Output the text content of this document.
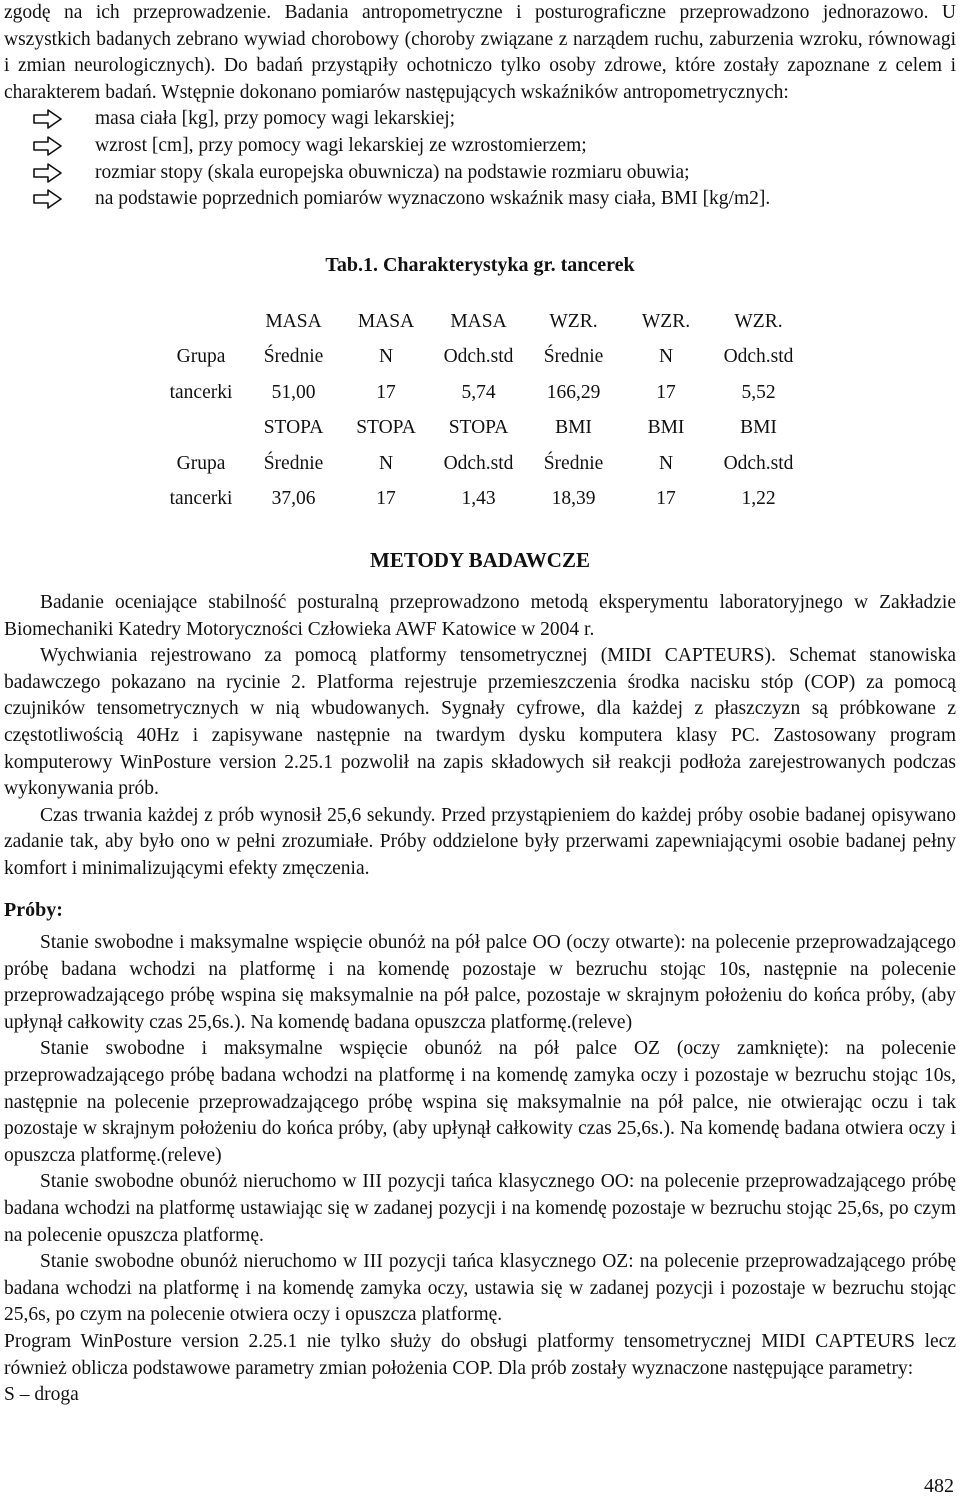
zgodę na ich przeprowadzenie. Badania antropometryczne i posturograficzne przeprowadzono jednorazowo. U wszystkich badanych zebrano wywiad chorobowy (choroby związane z narządem ruchu, zaburzenia wzroku, równowagi i zmian neurologicznych). Do badań przystąpiły ochotniczo tylko osoby zdrowe, które zostały zapoznane z celem i charakterem badań. Wstępnie dokonano pomiarów następujących wskaźników antropometrycznych:

masa ciała [kg], przy pomocy wagi lekarskiej;
wzrost [cm], przy pomocy wagi lekarskiej ze wzrostomierzem;
rozmiar stopy (skala europejska obuwnicza) na podstawie rozmiaru obuwia;
na podstawie poprzednich pomiarów wyznaczono wskaźnik masy ciała, BMI [kg/m2].
Tab.1. Charakterystyka gr. tancerek
	MASA	MASA	MASA	WZR.	WZR.	WZR.
Grupa	Średnie	N	Odch.std	Średnie	N	Odch.std
tancerki	51,00	17	5,74	166,29	17	5,52
	STOPA	STOPA	STOPA	BMI	BMI	BMI
Grupa	Średnie	N	Odch.std	Średnie	N	Odch.std
tancerki	37,06	17	1,43	18,39	17	1,22
METODY BADAWCZE

Badanie oceniające stabilność posturalną przeprowadzono metodą eksperymentu laboratoryjnego w Zakładzie Biomechaniki Katedry Motoryczności Człowieka AWF Katowice w 2004 r.

Wychwiania rejestrowano za pomocą platformy tensometrycznej (MIDI CAPTEURS). Schemat stanowiska badawczego pokazano na rycinie 2. Platforma rejestruje przemieszczenia środka nacisku stóp (COP) za pomocą czujników tensometrycznych w nią wbudowanych. Sygnały cyfrowe, dla każdej z płaszczyzn są próbkowane z częstotliwością 40Hz i zapisywane następnie na twardym dysku komputera klasy PC. Zastosowany program komputerowy WinPosture version 2.25.1 pozwolił na zapis składowych sił reakcji podłoża zarejestrowanych podczas wykonywania prób.

Czas trwania każdej z prób wynosił 25,6 sekundy. Przed przystąpieniem do każdej próby osobie badanej opisywano zadanie tak, aby było ono w pełni zrozumiałe. Próby oddzielone były przerwami zapewniającymi osobie badanej pełny komfort i minimalizującymi efekty zmęczenia.

Próby:

Stanie swobodne i maksymalne wspięcie obunóż na pół palce OO (oczy otwarte): na polecenie przeprowadzającego próbę badana wchodzi na platformę i na komendę pozostaje w bezruchu stojąc 10s, następnie na polecenie przeprowadzającego próbę wspina się maksymalnie na pół palce, pozostaje w skrajnym położeniu do końca próby, (aby upłynął całkowity czas 25,6s.). Na komendę badana opuszcza platformę.(releve)

Stanie swobodne i maksymalne wspięcie obunóż na pół palce OZ (oczy zamknięte): na polecenie przeprowadzającego próbę badana wchodzi na platformę i na komendę zamyka oczy i pozostaje w bezruchu stojąc 10s, następnie na polecenie przeprowadzającego próbę wspina się maksymalnie na pół palce, nie otwierając oczu i tak pozostaje w skrajnym położeniu do końca próby, (aby upłynął całkowity czas 25,6s.). Na komendę badana otwiera oczy i opuszcza platformę.(releve)

Stanie swobodne obunóż nieruchomo w III pozycji tańca klasycznego OO: na polecenie przeprowadzającego próbę badana wchodzi na platformę ustawiając się w zadanej pozycji i na komendę pozostaje w bezruchu stojąc 25,6s, po czym na polecenie opuszcza platformę.

Stanie swobodne obunóż nieruchomo w III pozycji tańca klasycznego OZ: na polecenie przeprowadzającego próbę badana wchodzi na platformę i na komendę zamyka oczy, ustawia się w zadanej pozycji i pozostaje w bezruchu stojąc 25,6s, po czym na polecenie otwiera oczy i opuszcza platformę.

Program WinPosture version 2.25.1 nie tylko służy do obsługi platformy tensometrycznej MIDI CAPTEURS lecz również oblicza podstawowe parametry zmian położenia COP. Dla prób zostały wyznaczone następujące parametry:

S – droga

482
